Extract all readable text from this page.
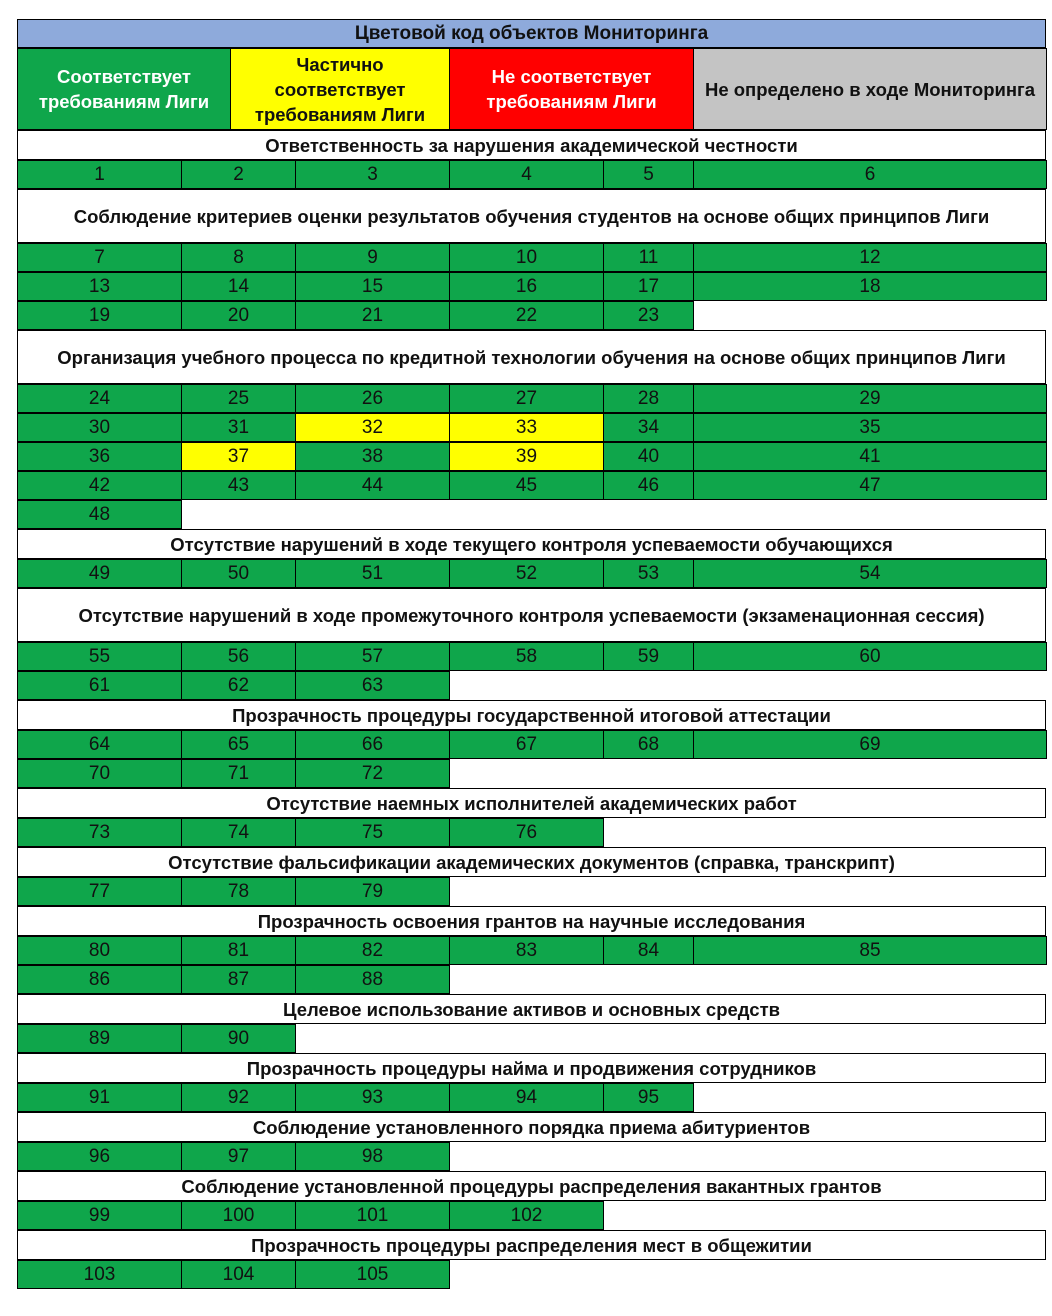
Цветовой код объектов Мониторинга
Соответствует требованиям Лиги
Частично соответствует требованиям Лиги
Не соответствует требованиям Лиги
Не определено в ходе Мониторинга
Ответственность за нарушения академической честности
1	2	3	4	5	6
Соблюдение критериев оценки результатов обучения студентов на основе общих принципов Лиги
7	8	9	10	11	12
13	14	15	16	17	18
19	20	21	22	23
Организация учебного процесса по кредитной технологии обучения на основе общих принципов Лиги
24	25	26	27	28	29
30	31	32	33	34	35
36	37	38	39	40	41
42	43	44	45	46	47
48
Отсутствие нарушений в ходе текущего контроля успеваемости обучающихся
49	50	51	52	53	54
Отсутствие нарушений в ходе промежуточного контроля успеваемости (экзаменационная сессия)
55	56	57	58	59	60
61	62	63
Прозрачность процедуры государственной итоговой аттестации
64	65	66	67	68	69
70	71	72
Отсутствие наемных исполнителей академических работ
73	74	75	76
Отсутствие фальсификации академических документов (справка, транскрипт)
77	78	79
Прозрачность освоения грантов на научные исследования
80	81	82	83	84	85
86	87	88
Целевое использование активов и основных средств
89	90
Прозрачность процедуры найма и продвижения сотрудников
91	92	93	94	95
Соблюдение установленного порядка приема абитуриентов
96	97	98
Соблюдение установленной процедуры распределения вакантных грантов
99	100	101	102
Прозрачность процедуры распределения мест в общежитии
103	104	105
